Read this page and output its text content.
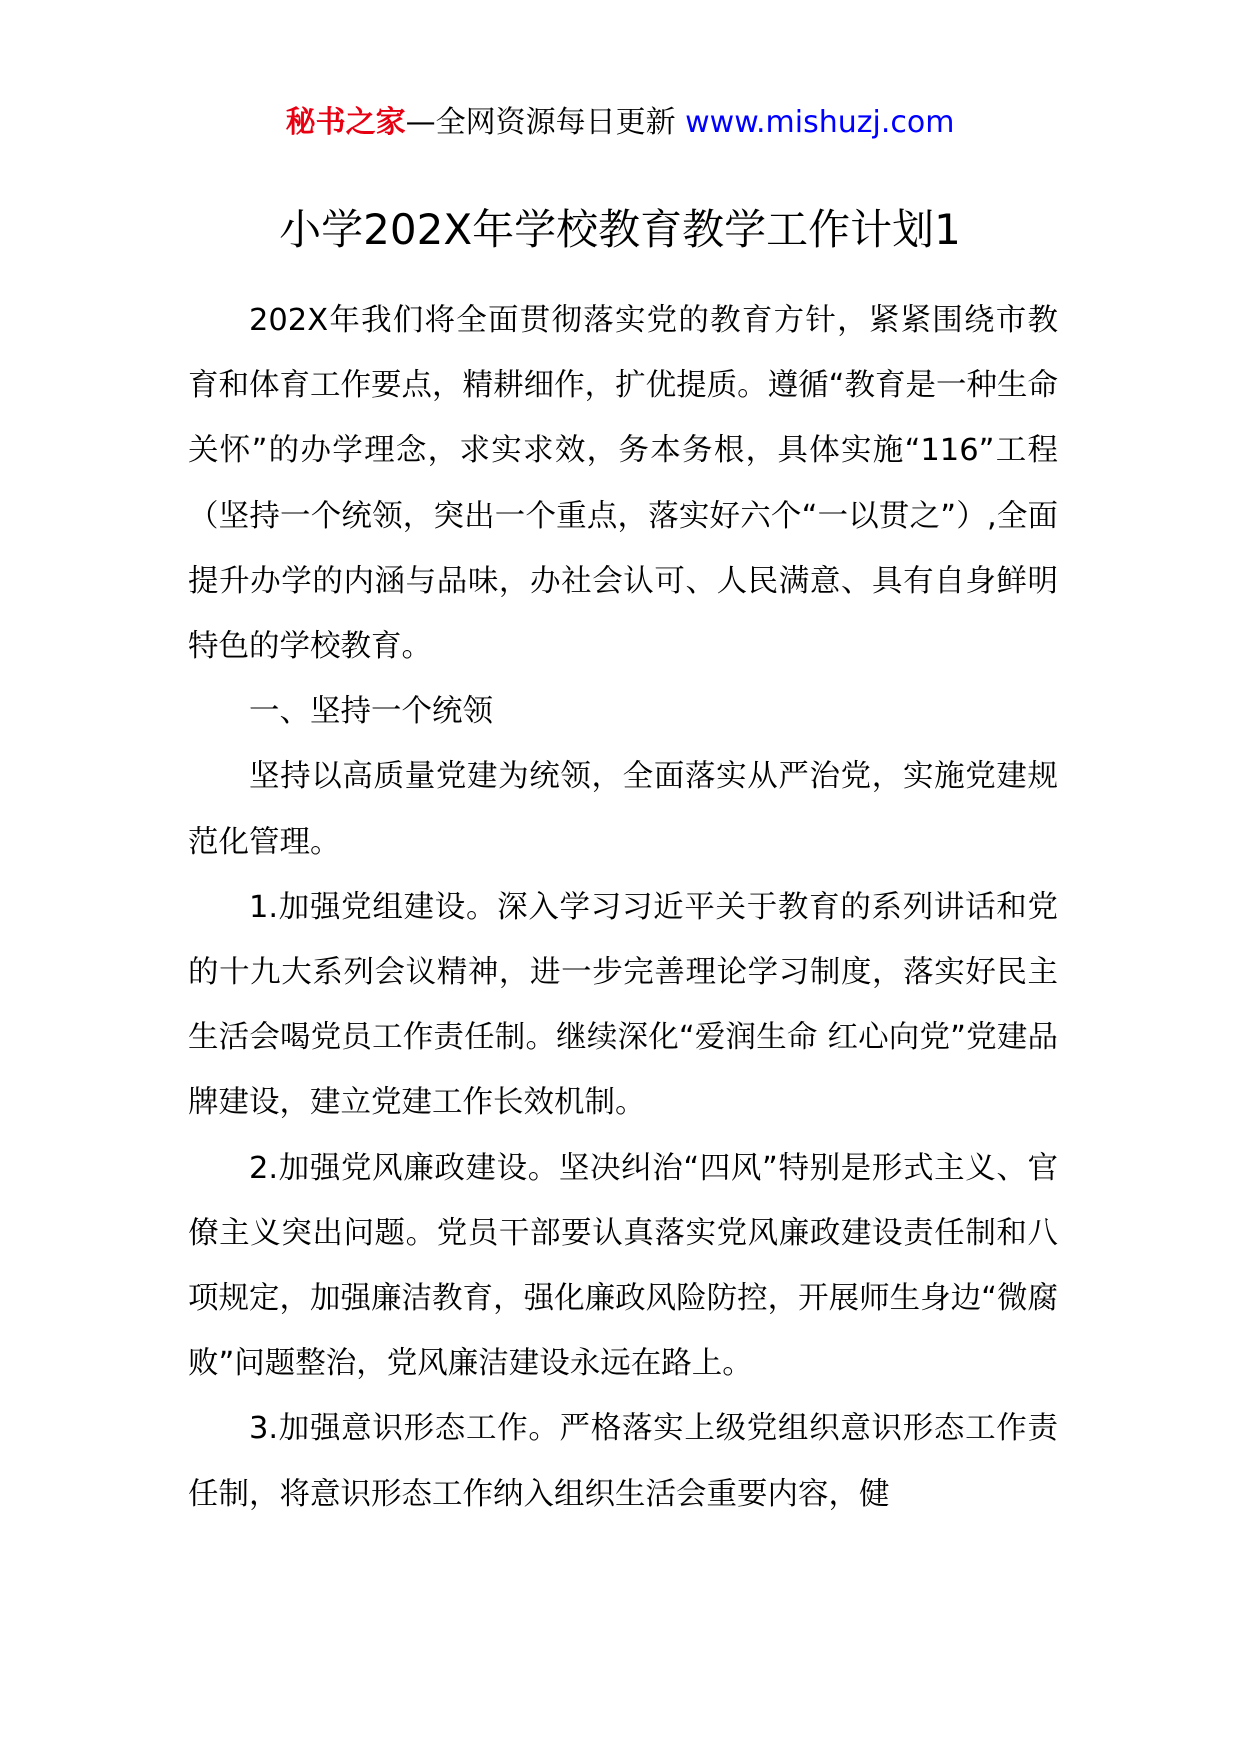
秘书之家—全网资源每日更新 www.mishuzj.com
小学202X年学校教育教学工作计划1

202X年我们将全面贯彻落实党的教育方针，紧紧围绕市教育和体育工作要点，精耕细作，扩优提质。遵循“教育是一种生命关怀”的办学理念，求实求效，务本务根，具体实施“116”工程（坚持一个统领，突出一个重点，落实好六个“一以贯之”）,全面提升办学的内涵与品味，办社会认可、人民满意、具有自身鲜明特色的学校教育。

一、坚持一个统领

坚持以高质量党建为统领，全面落实从严治党，实施党建规范化管理。

1.加强党组建设。深入学习习近平关于教育的系列讲话和党的十九大系列会议精神，进一步完善理论学习制度，落实好民主生活会喝党员工作责任制。继续深化“爱润生命 红心向党”党建品牌建设，建立党建工作长效机制。

2.加强党风廉政建设。坚决纠治“四风”特别是形式主义、官僚主义突出问题。党员干部要认真落实党风廉政建设责任制和八项规定，加强廉洁教育，强化廉政风险防控，开展师生身边“微腐败”问题整治，党风廉洁建设永远在路上。

3.加强意识形态工作。严格落实上级党组织意识形态工作责任制，将意识形态工作纳入组织生活会重要内容，健
